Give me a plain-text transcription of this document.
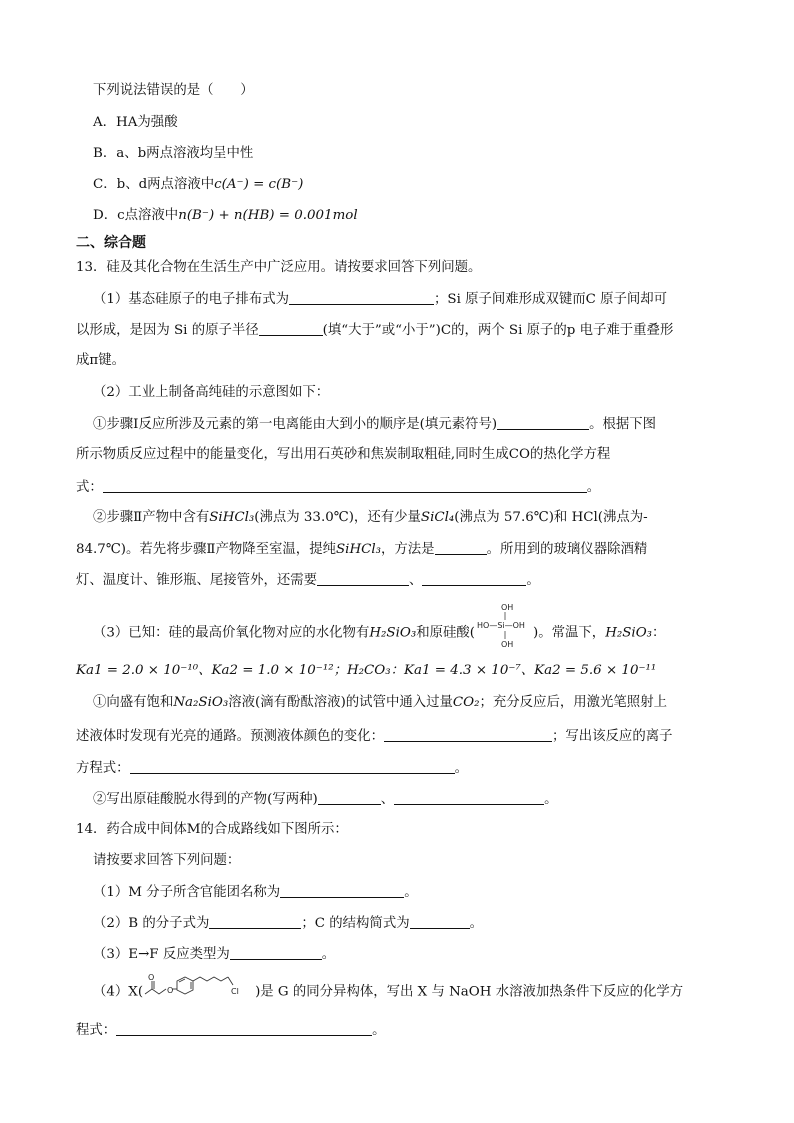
下列说法错误的是（　　）
A．HA为强酸
B．a、b两点溶液均呈中性
C．b、d两点溶液中c(A⁻) = c(B⁻)
D．c点溶液中n(B⁻) + n(HB) = 0.001mol
二、综合题
13．硅及其化合物在生活生产中广泛应用。请按要求回答下列问题。
（1）基态硅原子的电子排布式为	；Si 原子间难形成双键而C 原子间却可
以形成，是因为 Si 的原子半径	(填“大于”或“小于”)C的，两个 Si 原子的p 电子难于重叠形
成π键。
（2）工业上制备高纯硅的示意图如下：
①步骤Ⅰ反应所涉及元素的第一电离能由大到小的顺序是(填元素符号)	。根据下图
所示物质反应过程中的能量变化，写出用石英砂和焦炭制取粗硅,同时生成CO的热化学方程
式：	。
②步骤Ⅱ产物中含有SiHCl₃(沸点为 33.0℃)，还有少量SiCl₄(沸点为 57.6℃)和 HCl(沸点为-
84.7℃)。若先将步骤Ⅱ产物降至室温，提纯SiHCl₃，方法是	。所用到的玻璃仪器除酒精
灯、温度计、锥形瓶、尾接管外，还需要	、	。
（3）已知：硅的最高价氧化物对应的水化物有H₂SiO₃和原硅酸(
OH
HO—Si—OH
OH
)。常温下，H₂SiO₃：
Ka1 = 2.0 × 10⁻¹⁰、Ka2 = 1.0 × 10⁻¹²；H₂CO₃：Ka1 = 4.3 × 10⁻⁷、Ka2 = 5.6 × 10⁻¹¹
①向盛有饱和Na₂SiO₃溶液(滴有酚酞溶液)的试管中通入过量CO₂；充分反应后，用激光笔照射上
述液体时发现有光亮的通路。预测液体颜色的变化：	；写出该反应的离子
方程式：	。
②写出原硅酸脱水得到的产物(写两种)	、	。
14．药合成中间体M的合成路线如下图所示：
请按要求回答下列问题：
（1）M 分子所含官能团名称为	。
（2）B 的分子式为	；C 的结构简式为	。
（3）E→F 反应类型为	。
（4）X(
O
O	Cl )是 G 的同分异构体，写出 X 与 NaOH 水溶液加热条件下反应的化学方
程式：	。
